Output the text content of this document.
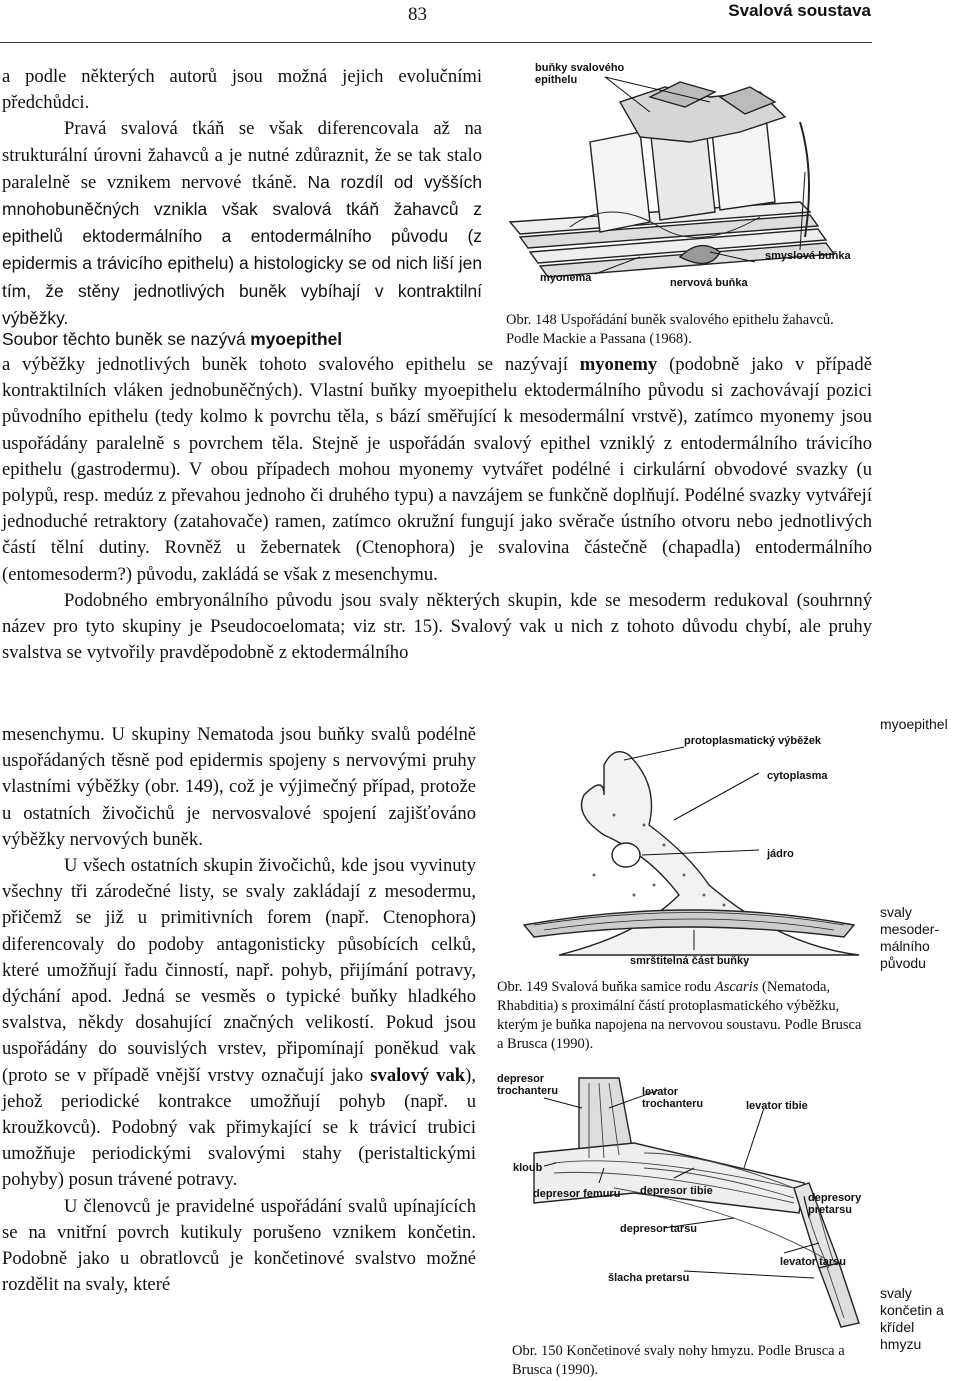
83	Svalová soustava

a podle některých autorů jsou možná jejich evolučními předchůdci.

Pravá svalová tkáň se však diferencovala až na strukturální úrovni žahavců a je nutné zdůraznit, že se tak stalo paralelně se vznikem nervové tkáně. Na rozdíl od vyšších mnohobuněčných vznikla však svalová tkáň žahavců z epithelů ektodermálního a entodermálního původu (z epidermis a trávicího epithelu) a histologicky se od nich liší jen tím, že stěny jednotlivých buněk vybíhají v kontraktilní výběžky.

Soubor těchto buněk se nazývá myoepithel

a výběžky jednotlivých buněk tohoto svalového epithelu se nazývají myonemy (podobně jako v případě kontraktilních vláken jednobuněčných). Vlastní buňky myoepithelu ektodermálního původu si zachovávají pozici původního epithelu (tedy kolmo k povrchu těla, s bází směřující k mesodermální vrstvě), zatímco myonemy jsou uspořádány paralelně s povrchem těla. Stejně je uspořádán svalový epithel vzniklý z entodermálního trávicího epithelu (gastrodermu). V obou případech mohou myonemy vytvářet podélné i cirkulární obvodové svazky (u polypů, resp. medúz z převahou jednoho či druhého typu) a navzájem se funkčně doplňují. Podélné svazky vytvářejí jednoduché retraktory (zatahovače) ramen, zatímco okružní fungují jako svěrače ústního otvoru nebo jednotlivých částí tělní dutiny. Rovněž u žebernatek (Ctenophora) je svalovina částečně (chapadla) entodermálního (entomesoderm?) původu, zakládá se však z mesenchymu.

Podobného embryonálního původu jsou svaly některých skupin, kde se mesoderm redukoval (souhrnný název pro tyto skupiny je Pseudocoelomata; viz str. 15). Svalový vak u nich z tohoto důvodu chybí, ale pruhy svalstva se vytvořily pravděpodobně z ektodermálního

mesenchymu. U skupiny Nematoda jsou buňky svalů podélně uspořádaných těsně pod epidermis spojeny s nervovými pruhy vlastními výběžky (obr. 149), což je výjimečný případ, protože u ostatních živočichů je nervosvalové spojení zajišťováno výběžky nervových buněk.

U všech ostatních skupin živočichů, kde jsou vyvinuty všechny tři zárodečné listy, se svaly zakládají z mesodermu, přičemž se již u primitivních forem (např. Ctenophora) diferencovaly do podoby antagonisticky působících celků, které umožňují řadu činností, např. pohyb, přijímání potravy, dýchání apod. Jedná se vesměs o typické buňky hladkého svalstva, někdy dosahující značných velikostí. Pokud jsou uspořádány do souvislých vrstev, připomínají poněkud vak (proto se v případě vnější vrstvy označují jako svalový vak), jehož periodické kontrakce umožňují pohyb (např. u kroužkovců). Podobný vak přimykající se k trávicí trubici umožňuje periodickými svalovými stahy (peristaltickými pohyby) posun trávené potravy.

U členovců je pravidelné uspořádání svalů upínajících se na vnitřní povrch kutikuly porušeno vznikem končetin. Podobně jako u obratlovců je končetinové svalstvo možné rozdělit na svaly, které

myoepithel
svaly mesoder-málního původu
svaly končetin a křídel hmyzu
buňky svalového epithelu
smyslová buňka
myonema	nervová buňka
Obr. 148 Uspořádání buněk svalového epithelu žahavců. Podle Mackie a Passana (1968).
protoplasmatický výběžek
cytoplasma
jádro
smrštitelná část buňky
Obr. 149 Svalová buňka samice rodu Ascaris (Nematoda, Rhabditia) s proximální částí protoplasmatického výběžku, kterým je buňka napojena na nervovou soustavu. Podle Brusca a Brusca (1990).
depresor trochanteru	levator trochanteru	levator tibie
kloub
depresor femuru depresor tibie
depresory pretarsu
depresor tarsu
levator tarsu
šlacha pretarsu
Obr. 150 Končetinové svaly nohy hmyzu. Podle Brusca a Brusca (1990).
